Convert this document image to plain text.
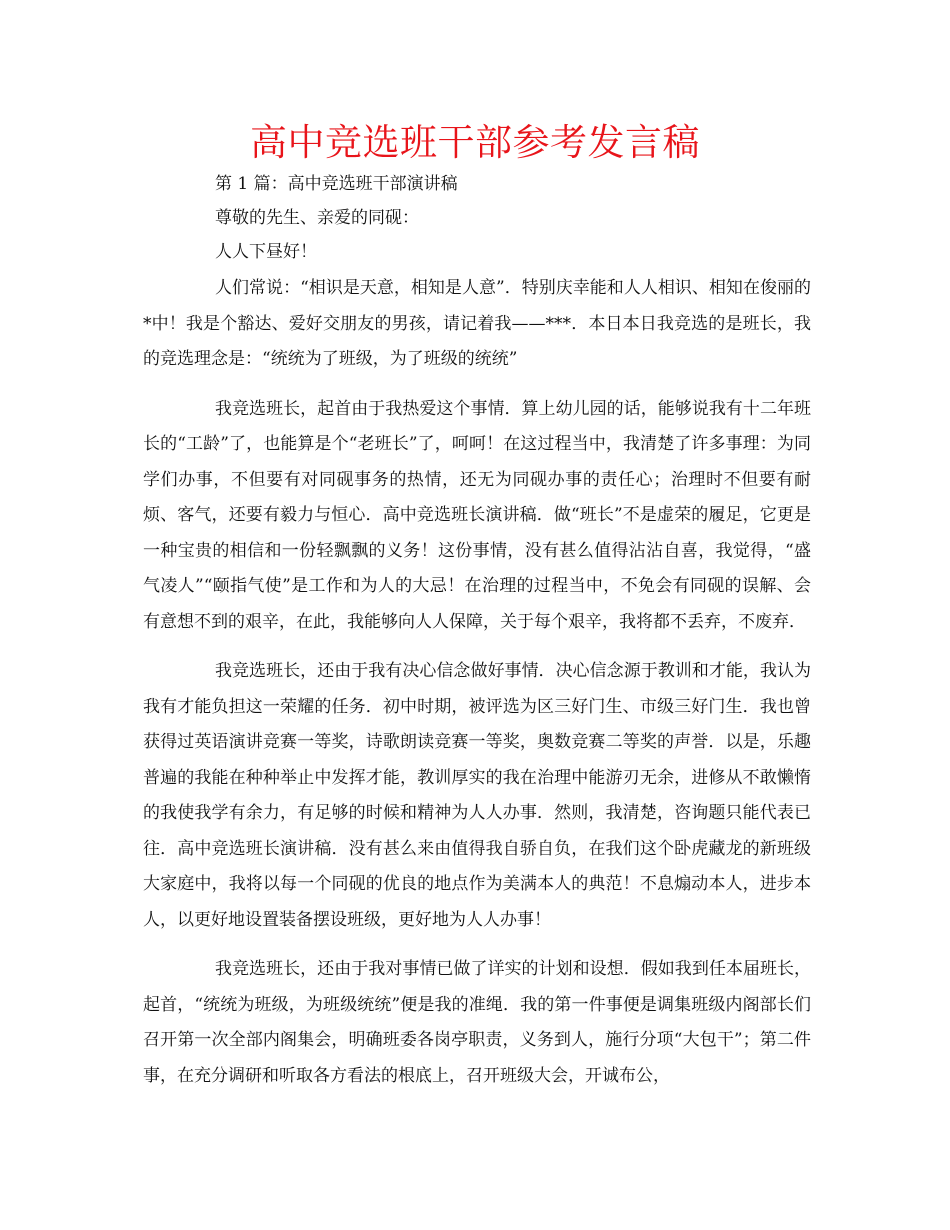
高中竞选班干部参考发言稿

第 1 篇：高中竞选班干部演讲稿

尊敬的先生、亲爱的同砚：

人人下昼好！

人们常说：“相识是天意，相知是人意”．特别庆幸能和人人相识、相知在俊丽的*中！我是个豁达、爱好交朋友的男孩，请记着我——***．本日本日我竞选的是班长，我的竞选理念是：“统统为了班级，为了班级的统统”

我竞选班长，起首由于我热爱这个事情．算上幼儿园的话，能够说我有十二年班长的“工龄”了，也能算是个“老班长”了，呵呵！在这过程当中，我清楚了许多事理：为同学们办事，不但要有对同砚事务的热情，还无为同砚办事的责任心；治理时不但要有耐烦、客气，还要有毅力与恒心．高中竞选班长演讲稿．做“班长”不是虚荣的履足，它更是一种宝贵的相信和一份轻飘飘的义务！这份事情，没有甚么值得沾沾自喜，我觉得，“盛气凌人”“颐指气使”是工作和为人的大忌！在治理的过程当中，不免会有同砚的误解、会有意想不到的艰辛，在此，我能够向人人保障，关于每个艰辛，我将都不丢弃，不废弃．

我竞选班长，还由于我有决心信念做好事情．决心信念源于教训和才能，我认为我有才能负担这一荣耀的任务．初中时期，被评选为区三好门生、市级三好门生．我也曾获得过英语演讲竞赛一等奖，诗歌朗读竞赛一等奖，奥数竞赛二等奖的声誉．以是，乐趣普遍的我能在种种举止中发挥才能，教训厚实的我在治理中能游刃无余，进修从不敢懒惰的我使我学有余力，有足够的时候和精神为人人办事．然则，我清楚，咨询题只能代表已往．高中竞选班长演讲稿．没有甚么来由值得我自骄自负，在我们这个卧虎藏龙的新班级大家庭中，我将以每一个同砚的优良的地点作为美满本人的典范！不息煽动本人，进步本人，以更好地设置装备摆设班级，更好地为人人办事！

我竞选班长，还由于我对事情已做了详实的计划和设想．假如我到任本届班长，起首，“统统为班级，为班级统统”便是我的准绳．我的第一件事便是调集班级内阁部长们召开第一次全部内阁集会，明确班委各岗亭职责，义务到人，施行分项“大包干”；第二件事，在充分调研和听取各方看法的根底上，召开班级大会，开诚布公，
